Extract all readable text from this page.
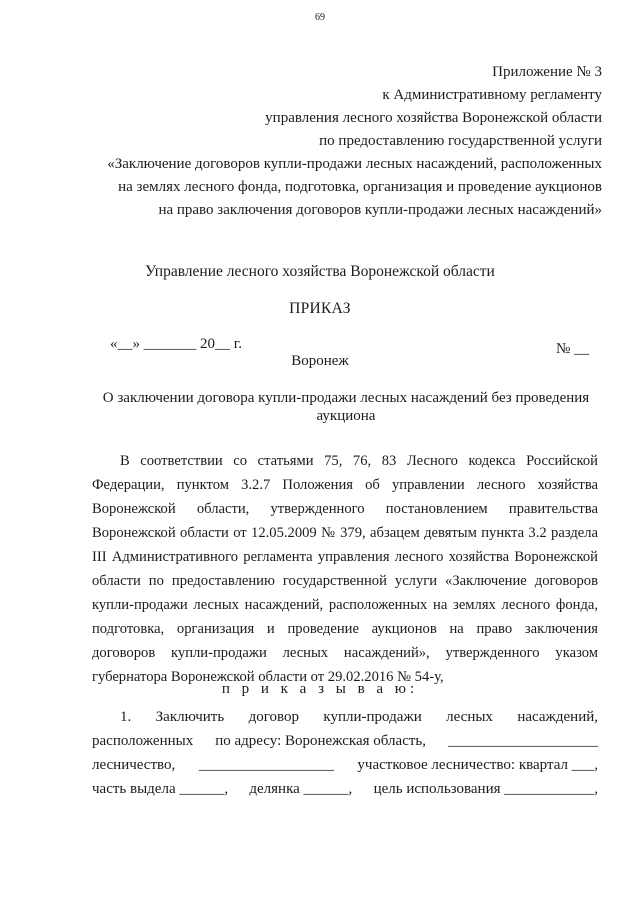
69
Приложение № 3
к Административному регламенту
управления лесного хозяйства Воронежской области
по предоставлению государственной услуги
«Заключение договоров купли-продажи лесных насаждений, расположенных
на землях лесного фонда, подготовка, организация и проведение аукционов
на право заключения договоров купли-продажи лесных насаждений»
Управление лесного хозяйства Воронежской области
ПРИКАЗ
«__» _______ 20__ г.	№ __
Воронеж
О заключении договора купли-продажи лесных насаждений без проведения аукциона

В соответствии со статьями 75, 76, 83 Лесного кодекса Российской Федерации, пунктом 3.2.7 Положения об управлении лесного хозяйства Воронежской области, утвержденного постановлением правительства Воронежской области от 12.05.2009 № 379, абзацем девятым пункта 3.2 раздела III Административного регламента управления лесного хозяйства Воронежской области по предоставлению государственной услуги «Заключение договоров купли-продажи лесных насаждений, расположенных на землях лесного фонда, подготовка, организация и проведение аукционов на право заключения договоров купли-продажи лесных насаждений», утвержденного указом губернатора Воронежской области от 29.02.2016 № 54-у,

п р и к а з ы в а ю:
1. Заключить договор купли-продажи лесных насаждений,
расположенных по адресу: Воронежская область, ____________________
лесничество, __________________ участковое лесничество: квартал ___,
часть выдела ______, делянка ______, цель использования ____________,
